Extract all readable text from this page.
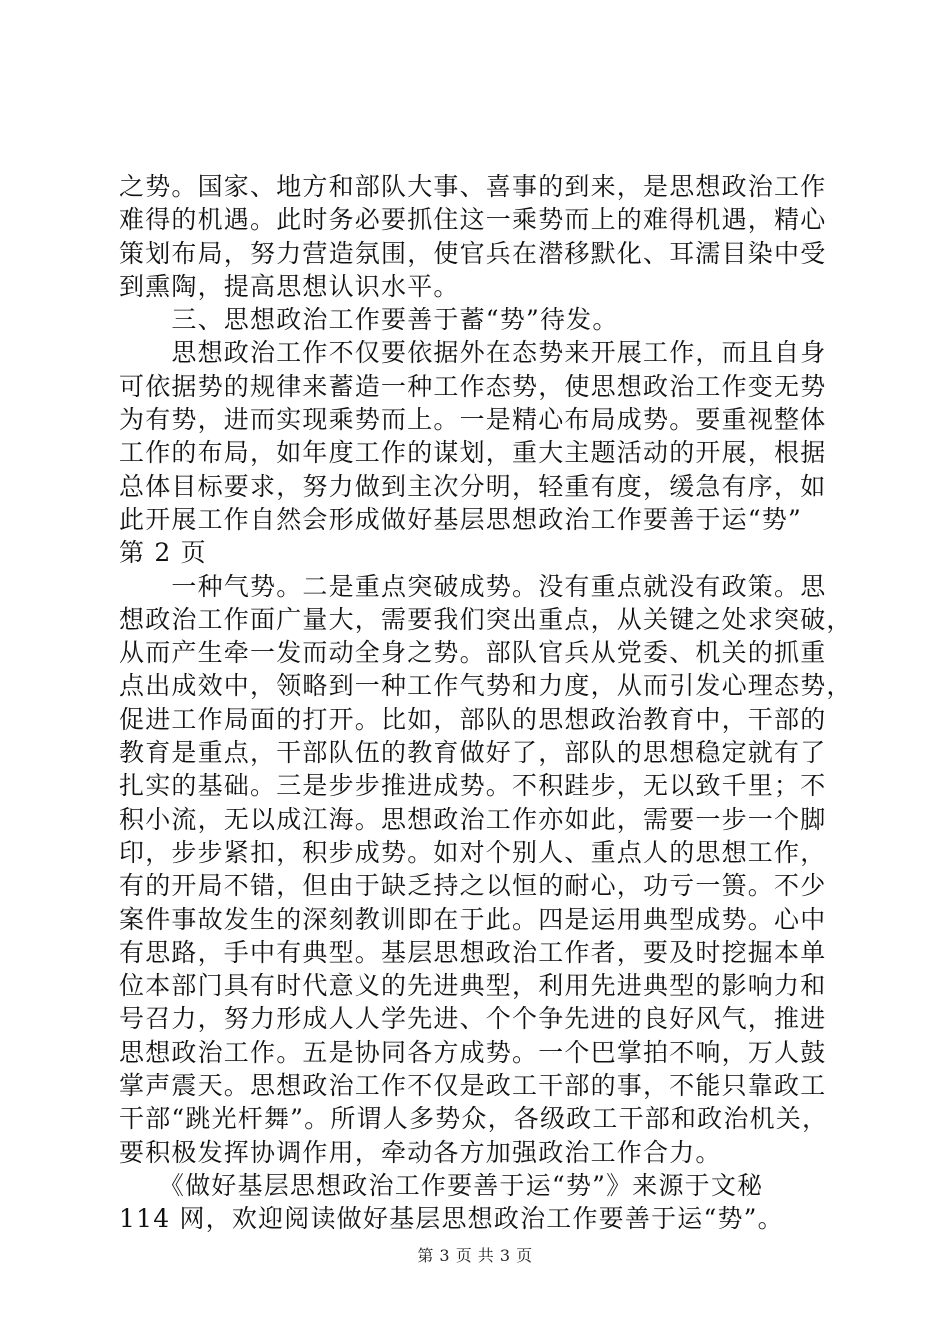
之势。国家、地方和部队大事、喜事的到来，是思想政治工作
难得的机遇。此时务必要抓住这一乘势而上的难得机遇，精心
策划布局，努力营造氛围，使官兵在潜移默化、耳濡目染中受
到熏陶，提高思想认识水平。
　　三、思想政治工作要善于蓄“势”待发。
　　思想政治工作不仅要依据外在态势来开展工作，而且自身
可依据势的规律来蓄造一种工作态势，使思想政治工作变无势
为有势，进而实现乘势而上。一是精心布局成势。要重视整体
工作的布局，如年度工作的谋划，重大主题活动的开展，根据
总体目标要求，努力做到主次分明，轻重有度，缓急有序，如
此开展工作自然会形成做好基层思想政治工作要善于运“势”
第 2 页
　　一种气势。二是重点突破成势。没有重点就没有政策。思
想政治工作面广量大，需要我们突出重点，从关键之处求突破，
从而产生牵一发而动全身之势。部队官兵从党委、机关的抓重
点出成效中，领略到一种工作气势和力度，从而引发心理态势，
促进工作局面的打开。比如，部队的思想政治教育中，干部的
教育是重点，干部队伍的教育做好了，部队的思想稳定就有了
扎实的基础。三是步步推进成势。不积跬步，无以致千里；不
积小流，无以成江海。思想政治工作亦如此，需要一步一个脚
印，步步紧扣，积步成势。如对个别人、重点人的思想工作，
有的开局不错，但由于缺乏持之以恒的耐心，功亏一篑。不少
案件事故发生的深刻教训即在于此。四是运用典型成势。心中
有思路，手中有典型。基层思想政治工作者，要及时挖掘本单
位本部门具有时代意义的先进典型，利用先进典型的影响力和
号召力，努力形成人人学先进、个个争先进的良好风气，推进
思想政治工作。五是协同各方成势。一个巴掌拍不响，万人鼓
掌声震天。思想政治工作不仅是政工干部的事，不能只靠政工
干部“跳光杆舞”。所谓人多势众，各级政工干部和政治机关，
要积极发挥协调作用，牵动各方加强政治工作合力。
　　《做好基层思想政治工作要善于运“势”》来源于文秘
114 网，欢迎阅读做好基层思想政治工作要善于运“势”。
第 3 页 共 3 页
